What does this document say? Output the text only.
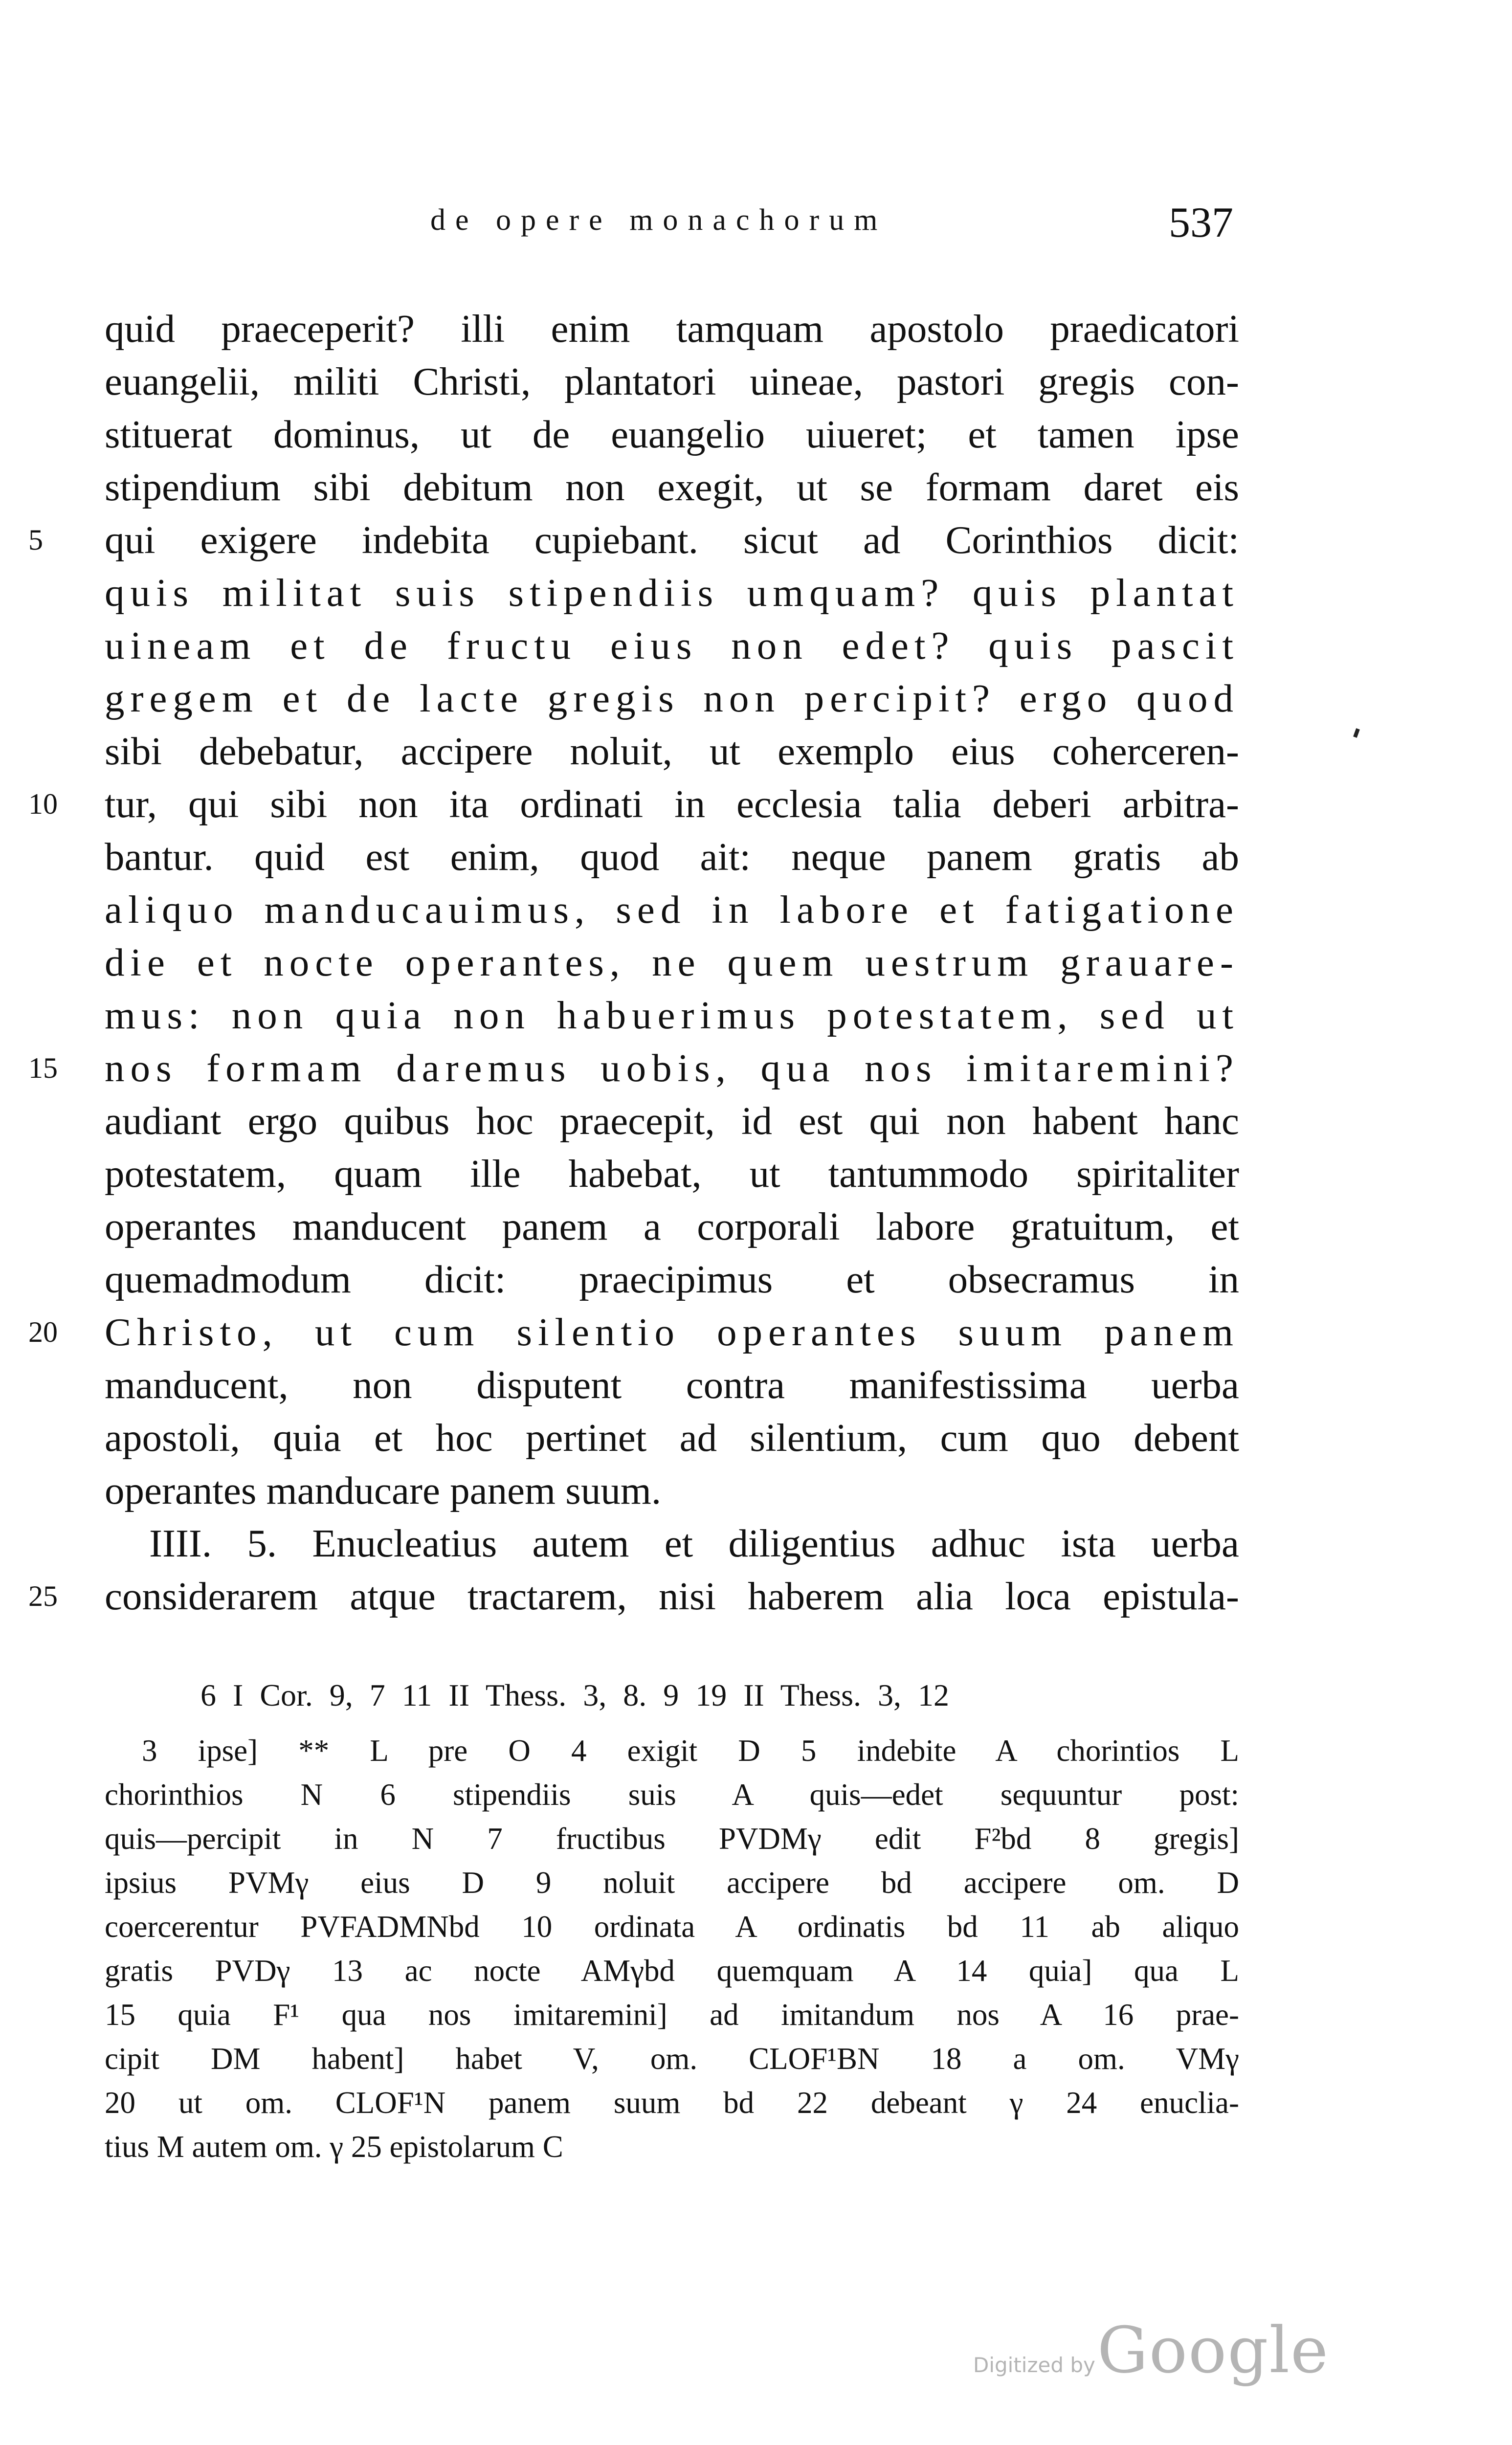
de opere monachorum	537
quid praeceperit? illi enim tamquam apostolo praedicatori
euangelii, militi Christi, plantatori uineae, pastori gregis con-
stituerat dominus, ut de euangelio uiueret; et tamen ipse
stipendium sibi debitum non exegit, ut se formam daret eis
5	qui exigere indebita cupiebant. sicut ad Corinthios dicit:
quis militat suis stipendiis umquam? quis plantat
uineam et de fructu eius non edet? quis pascit
gregem et de lacte gregis non percipit? ergo quod
sibi debebatur, accipere noluit, ut exemplo eius coherceren-
10	tur, qui sibi non ita ordinati in ecclesia talia deberi arbitra-
bantur. quid est enim, quod ait: neque panem gratis ab
aliquo manducauimus, sed in labore et fatigatione
die et nocte operantes, ne quem uestrum grauare-
mus: non quia non habuerimus potestatem, sed ut
15	nos formam daremus uobis, qua nos imitaremini?
audiant ergo quibus hoc praecepit, id est qui non habent hanc
potestatem, quam ille habebat, ut tantummodo spiritaliter
operantes manducent panem a corporali labore gratuitum, et
quemadmodum dicit: praecipimus et obsecramus in
20	Christo, ut cum silentio operantes suum panem
manducent, non disputent contra manifestissima uerba
apostoli, quia et hoc pertinet ad silentium, cum quo debent
operantes manducare panem suum.
IIII. 5. Enucleatius autem et diligentius adhuc ista uerba
25	considerarem atque tractarem, nisi haberem alia loca epistula-
6 I Cor. 9, 7 11 II Thess. 3, 8. 9 19 II Thess. 3, 12
3 ipse] ** L pre O 4 exigit D 5 indebite A chorintios L
chorinthios N 6 stipendiis suis A quis—edet sequuntur post:
quis—percipit in N 7 fructibus PVDMγ edit F²bd 8 gregis]
ipsius PVMγ eius D 9 noluit accipere bd accipere om. D
coercerentur PVFADMNbd 10 ordinata A ordinatis bd 11 ab aliquo
gratis PVDγ 13 ac nocte AMγbd quemquam A 14 quia] qua L
15 quia F¹ qua nos imitaremini] ad imitandum nos A 16 prae-
cipit DM habent] habet V, om. CLOF¹BN 18 a om. VMγ
20 ut om. CLOF¹N panem suum bd 22 debeant γ 24 enuclia-
tius M autem om. γ 25 epistolarum C
Digitized by Google
